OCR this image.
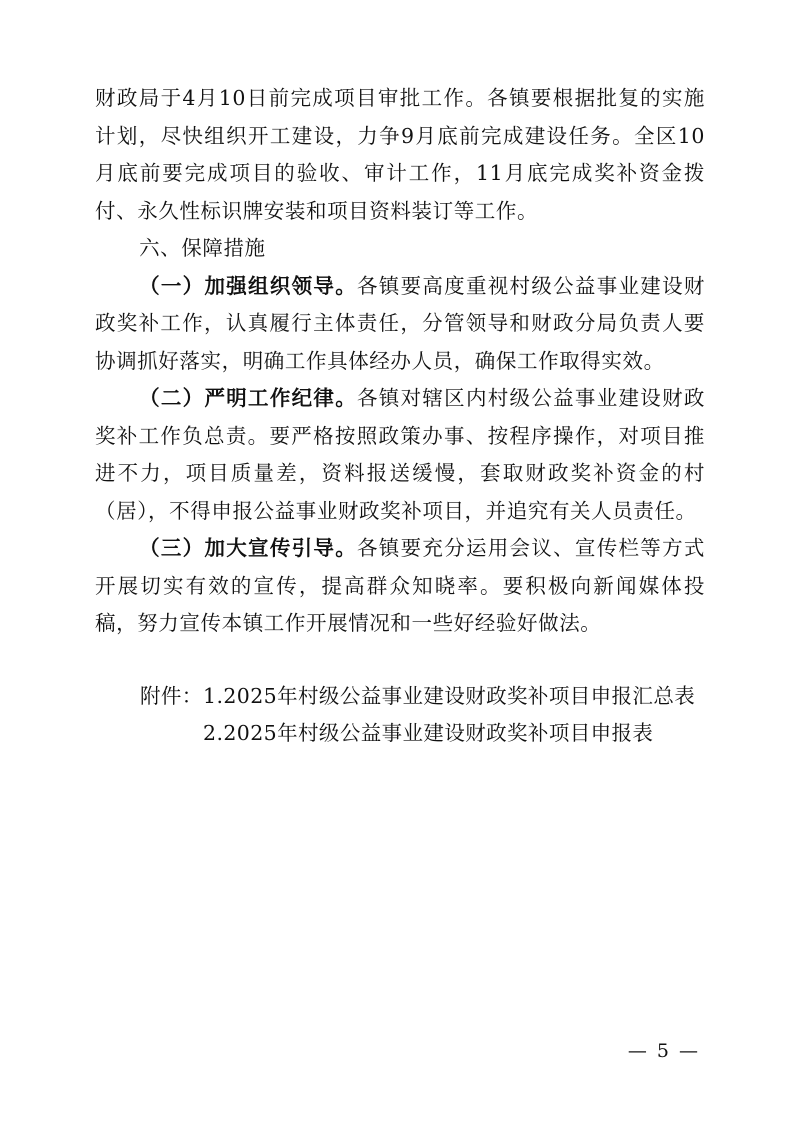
财政局于4月10日前完成项目审批工作。各镇要根据批复的实施计划，尽快组织开工建设，力争9月底前完成建设任务。全区10月底前要完成项目的验收、审计工作，11月底完成奖补资金拨付、永久性标识牌安装和项目资料装订等工作。

六、保障措施

（一）加强组织领导。各镇要高度重视村级公益事业建设财政奖补工作，认真履行主体责任，分管领导和财政分局负责人要协调抓好落实，明确工作具体经办人员，确保工作取得实效。

（二）严明工作纪律。各镇对辖区内村级公益事业建设财政奖补工作负总责。要严格按照政策办事、按程序操作，对项目推进不力，项目质量差，资料报送缓慢，套取财政奖补资金的村（居），不得申报公益事业财政奖补项目，并追究有关人员责任。

（三）加大宣传引导。各镇要充分运用会议、宣传栏等方式开展切实有效的宣传，提高群众知晓率。要积极向新闻媒体投稿，努力宣传本镇工作开展情况和一些好经验好做法。

附件： 1.2025年村级公益事业建设财政奖补项目申报汇总表
2.2025年村级公益事业建设财政奖补项目申报表
— 5 —
